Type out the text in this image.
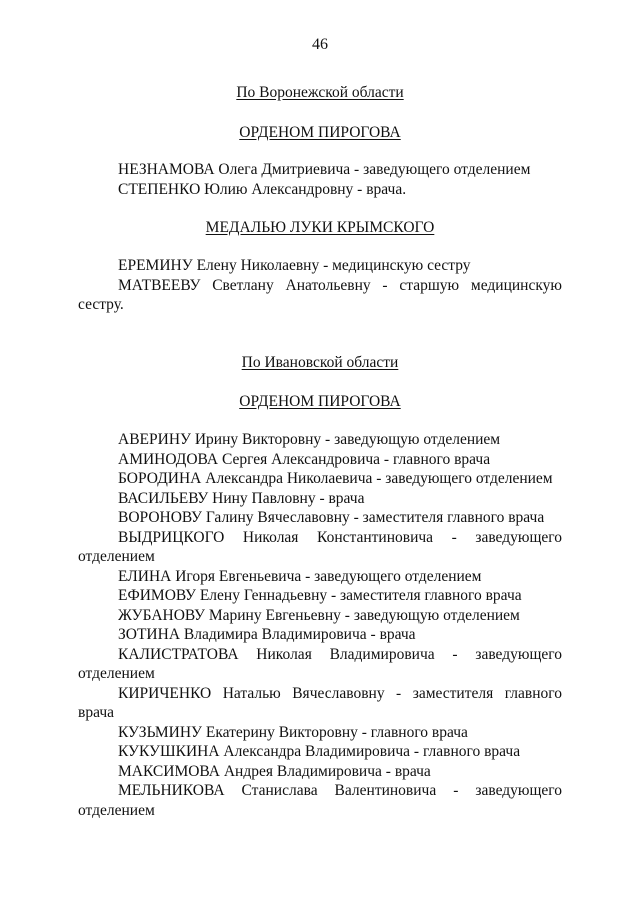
46
По Воронежской области
ОРДЕНОМ ПИРОГОВА

НЕЗНАМОВА Олега Дмитриевича - заведующего отделением

СТЕПЕНКО Юлию Александровну - врача.

МЕДАЛЬЮ ЛУКИ КРЫМСКОГО

ЕРЕМИНУ Елену Николаевну - медицинскую сестру

МАТВЕЕВУ Светлану Анатольевну - старшую медицинскую сестру.

По Ивановской области
ОРДЕНОМ ПИРОГОВА

АВЕРИНУ Ирину Викторовну - заведующую отделением

АМИНОДОВА Сергея Александровича - главного врача

БОРОДИНА Александра Николаевича - заведующего отделением

ВАСИЛЬЕВУ Нину Павловну - врача

ВОРОНОВУ Галину Вячеславовну - заместителя главного врача

ВЫДРИЦКОГО Николая Константиновича - заведующего отделением

ЕЛИНА Игоря Евгеньевича - заведующего отделением

ЕФИМОВУ Елену Геннадьевну - заместителя главного врача

ЖУБАНОВУ Марину Евгеньевну - заведующую отделением

ЗОТИНА Владимира Владимировича - врача

КАЛИСТРАТОВА Николая Владимировича - заведующего отделением

КИРИЧЕНКО Наталью Вячеславовну - заместителя главного врача

КУЗЬМИНУ Екатерину Викторовну - главного врача

КУКУШКИНА Александра Владимировича - главного врача

МАКСИМОВА Андрея Владимировича - врача

МЕЛЬНИКОВА Станислава Валентиновича - заведующего отделением
